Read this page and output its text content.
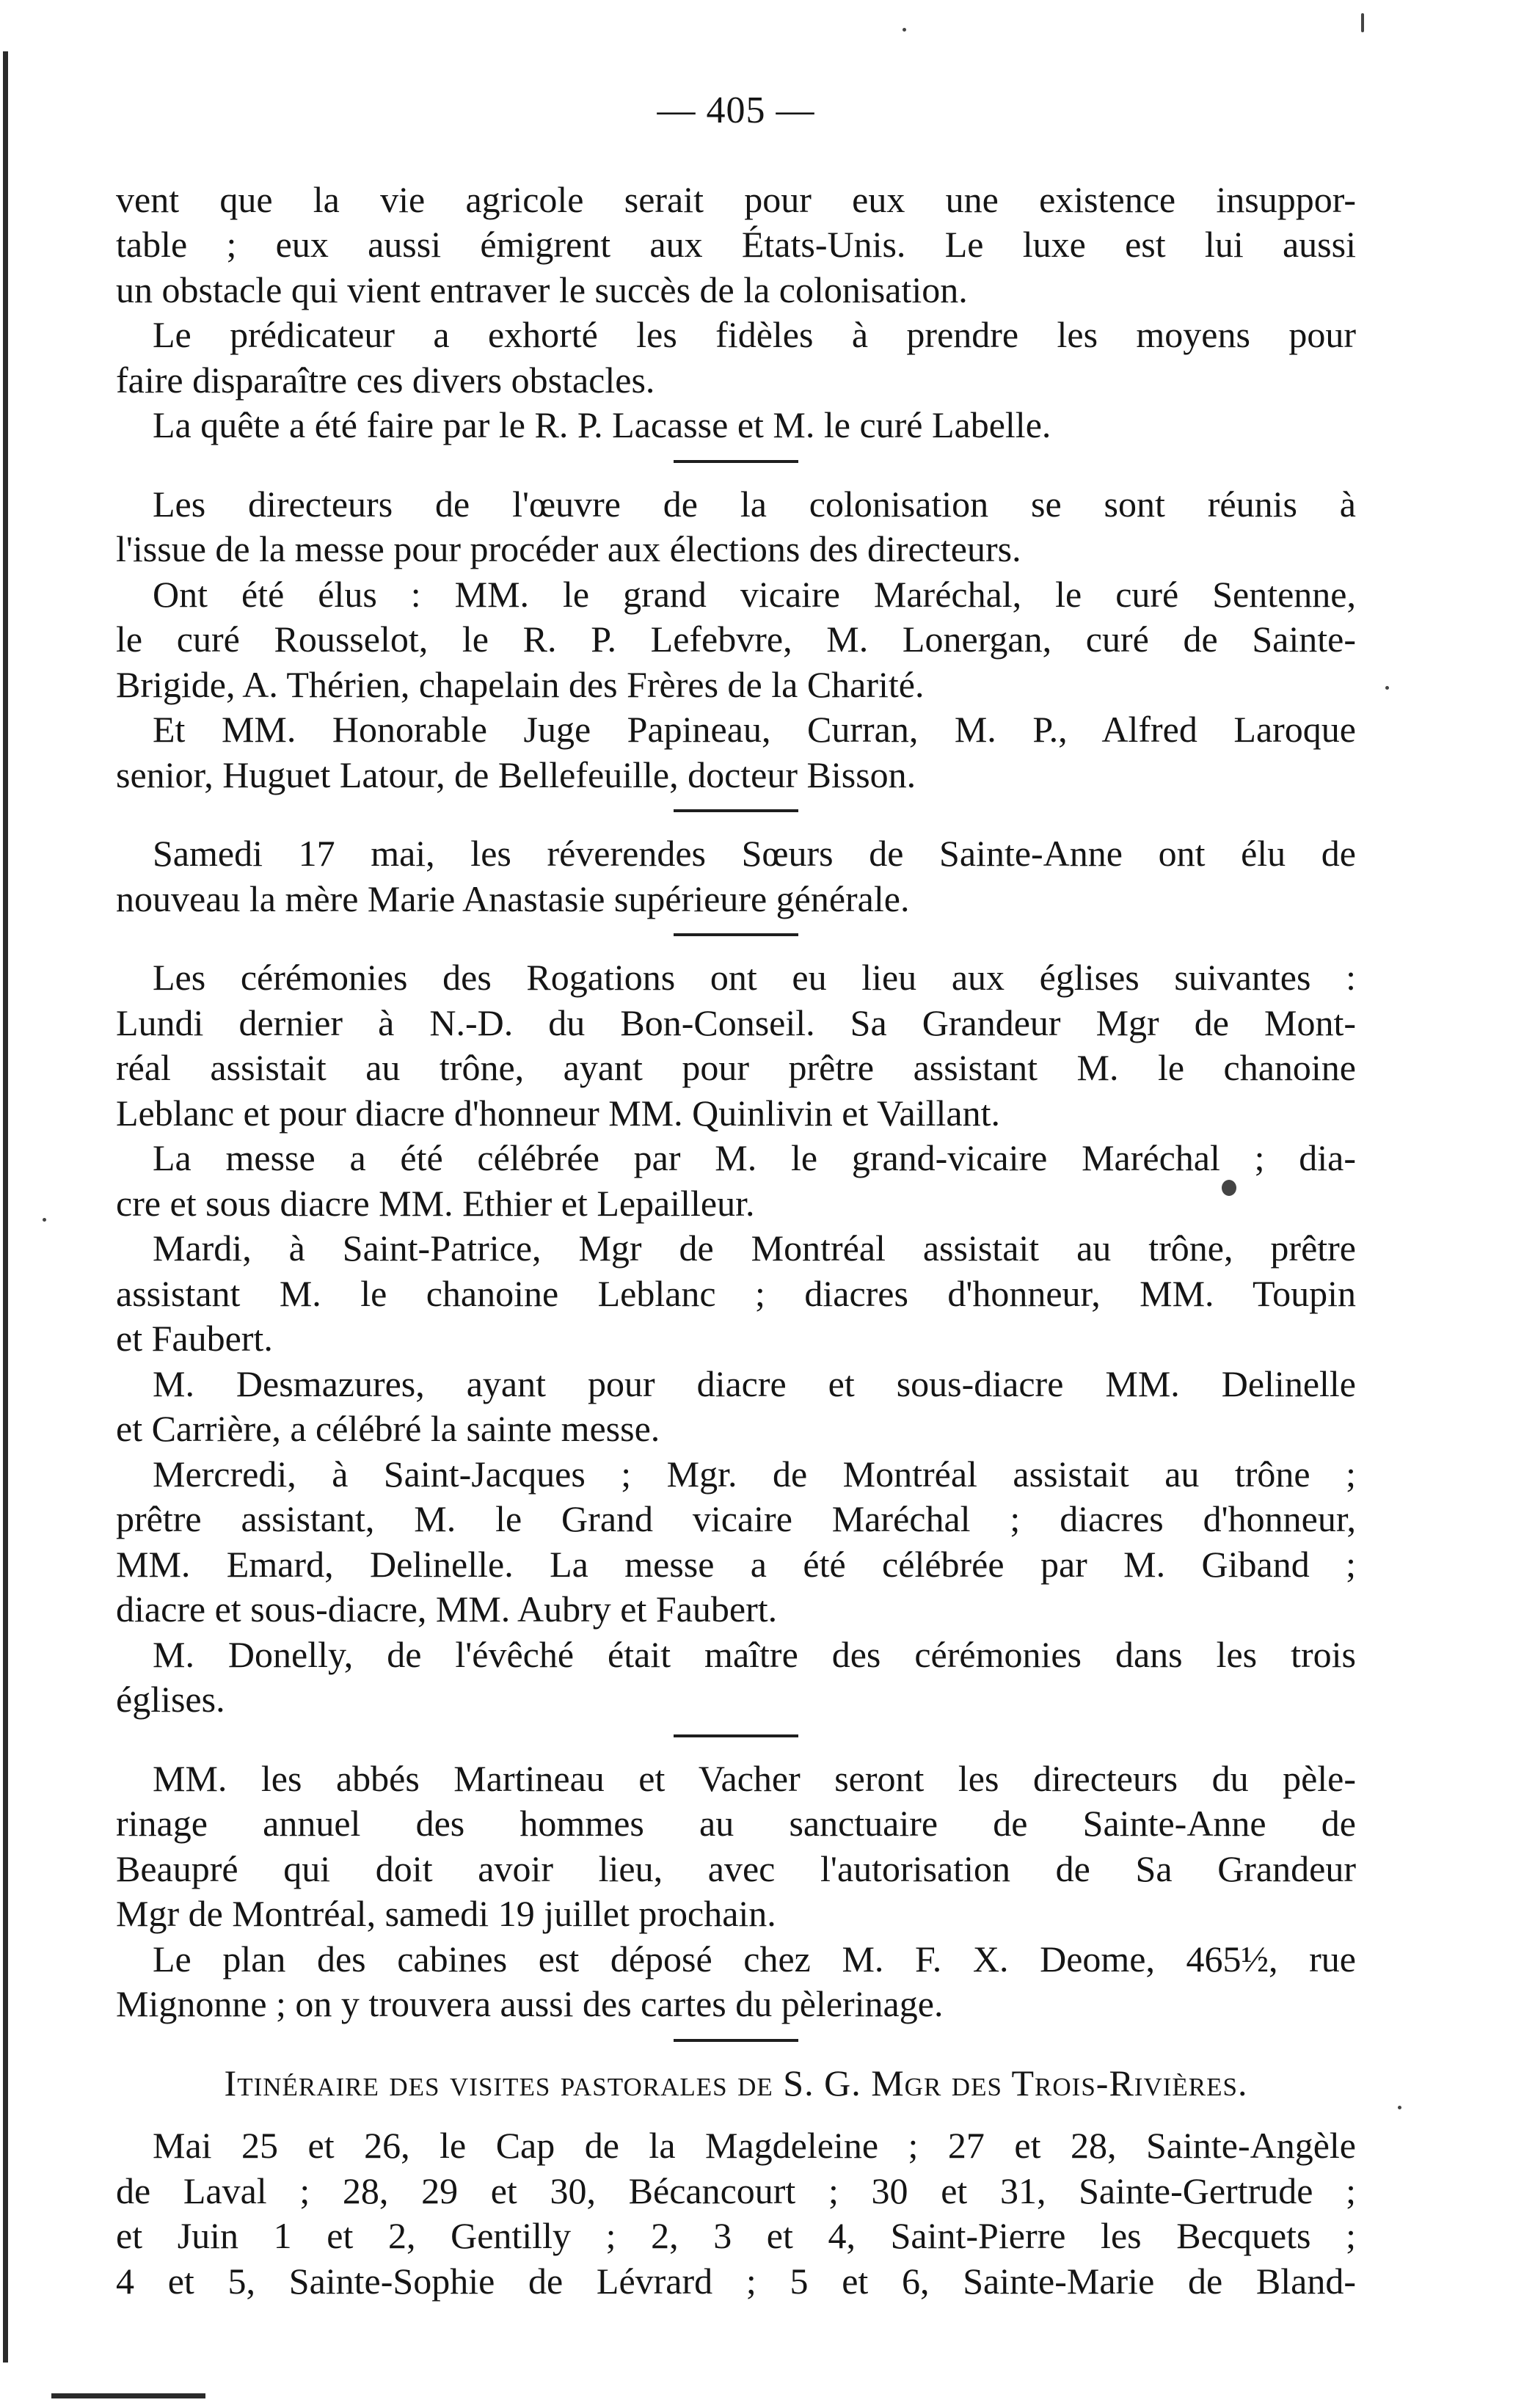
— 405 —

vent que la vie agricole serait pour eux une existence insuppor-
table ; eux aussi émigrent aux États-Unis. Le luxe est lui aussi
un obstacle qui vient entraver le succès de la colonisation.

Le prédicateur a exhorté les fidèles à prendre les moyens pour
faire disparaître ces divers obstacles.

La quête a été faire par le R. P. Lacasse et M. le curé Labelle.

Les directeurs de l'œuvre de la colonisation se sont réunis à
l'issue de la messe pour procéder aux élections des directeurs.

Ont été élus : MM. le grand vicaire Maréchal, le curé Sentenne,
le curé Rousselot, le R. P. Lefebvre, M. Lonergan, curé de Sainte-
Brigide, A. Thérien, chapelain des Frères de la Charité.

Et MM. Honorable Juge Papineau, Curran, M. P., Alfred Laroque
senior, Huguet Latour, de Bellefeuille, docteur Bisson.

Samedi 17 mai, les réverendes Sœurs de Sainte-Anne ont élu de
nouveau la mère Marie Anastasie supérieure générale.

Les cérémonies des Rogations ont eu lieu aux églises suivantes :
Lundi dernier à N.-D. du Bon-Conseil. Sa Grandeur Mgr de Mont-
réal assistait au trône, ayant pour prêtre assistant M. le chanoine
Leblanc et pour diacre d'honneur MM. Quinlivin et Vaillant.

La messe a été célébrée par M. le grand-vicaire Maréchal ; dia-
cre et sous diacre MM. Ethier et Lepailleur.

Mardi, à Saint-Patrice, Mgr de Montréal assistait au trône, prêtre
assistant M. le chanoine Leblanc ; diacres d'honneur, MM. Toupin
et Faubert.

M. Desmazures, ayant pour diacre et sous-diacre MM. Delinelle
et Carrière, a célébré la sainte messe.

Mercredi, à Saint-Jacques ; Mgr. de Montréal assistait au trône ;
prêtre assistant, M. le Grand vicaire Maréchal ; diacres d'honneur,
MM. Emard, Delinelle. La messe a été célébrée par M. Giband ;
diacre et sous-diacre, MM. Aubry et Faubert.

M. Donelly, de l'évêché était maître des cérémonies dans les trois
églises.

MM. les abbés Martineau et Vacher seront les directeurs du pèle-
rinage annuel des hommes au sanctuaire de Sainte-Anne de
Beaupré qui doit avoir lieu, avec l'autorisation de Sa Grandeur
Mgr de Montréal, samedi 19 juillet prochain.

Le plan des cabines est déposé chez M. F. X. Deome, 465½, rue
Mignonne ; on y trouvera aussi des cartes du pèlerinage.

Itinéraire des visites pastorales de S. G. Mgr des Trois-Rivières.

Mai 25 et 26, le Cap de la Magdeleine ; 27 et 28, Sainte-Angèle
de Laval ; 28, 29 et 30, Bécancourt ; 30 et 31, Sainte-Gertrude ;
et Juin 1 et 2, Gentilly ; 2, 3 et 4, Saint-Pierre les Becquets ;
4 et 5, Sainte-Sophie de Lévrard ; 5 et 6, Sainte-Marie de Bland-
